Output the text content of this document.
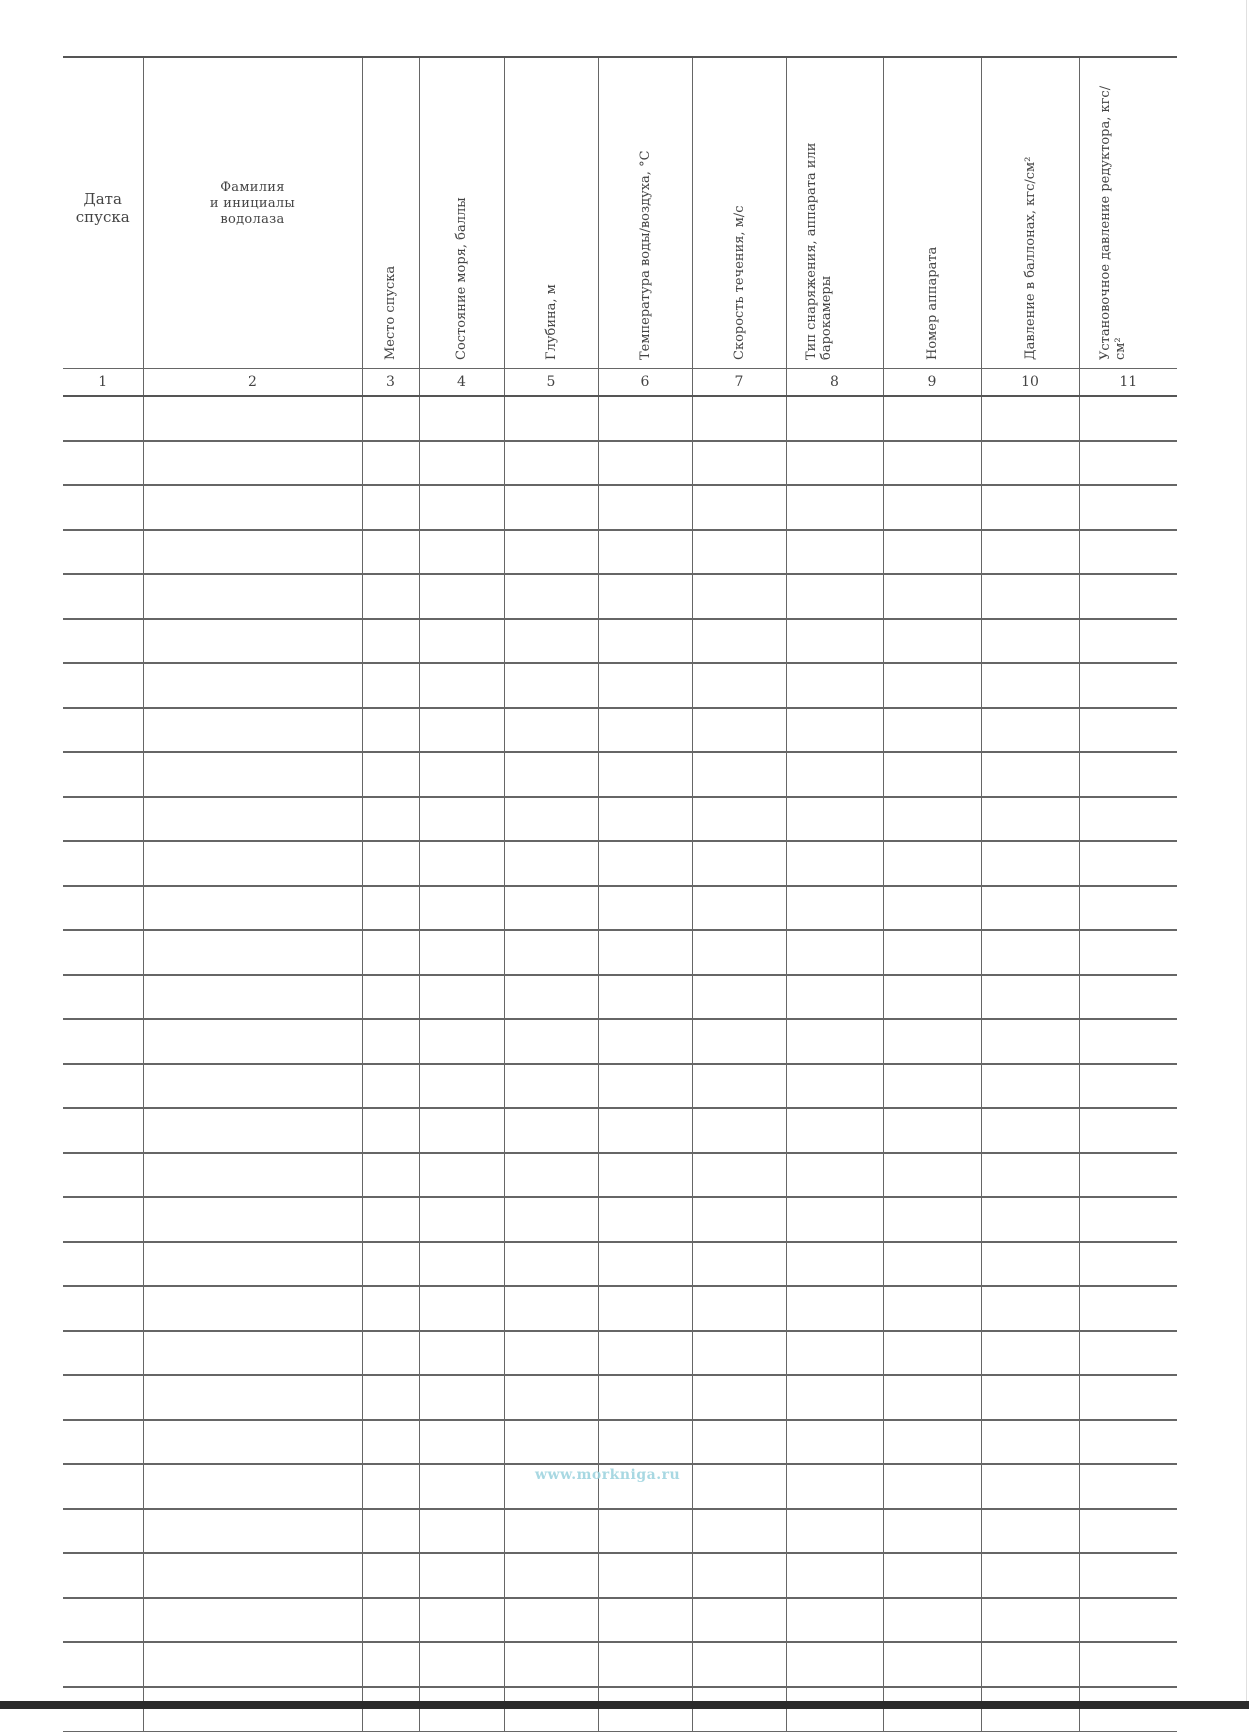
Дата
спуска	Фамилия
и инициалы
водолаза	Место спуска	Состояние моря, баллы	Глубина, м	Температура воды/воздуха, °С	Скорость течения, м/с	Тип снаряжения, аппарата или барокамеры	Номер аппарата	Давление в баллонах, кгс/см²	Установочное давление редуктора, кгс/см²

1	2	3	4	5	6	7	8	9	10	11

www.morkniga.ru
